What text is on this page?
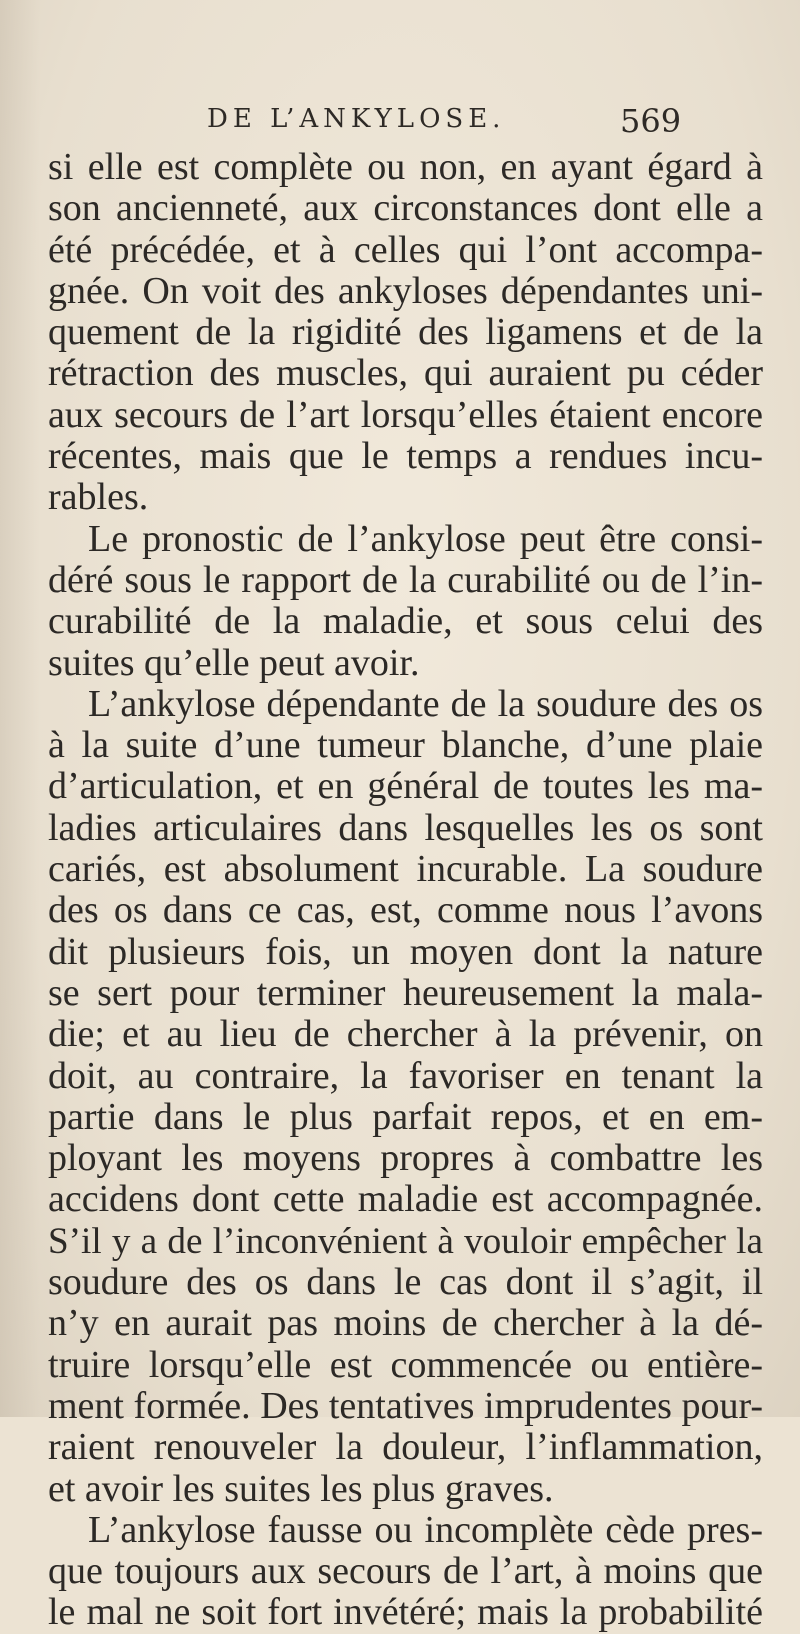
DE L’ANKYLOSE.	569
si elle est complète ou non, en ayant égard à
son ancienneté, aux circonstances dont elle a
été précédée, et à celles qui l’ont accompa-
gnée. On voit des ankyloses dépendantes uni-
quement de la rigidité des ligamens et de la
rétraction des muscles, qui auraient pu céder
aux secours de l’art lorsqu’elles étaient encore
récentes, mais que le temps a rendues incu-
rables.
Le pronostic de l’ankylose peut être consi-
déré sous le rapport de la curabilité ou de l’in-
curabilité de la maladie, et sous celui des
suites qu’elle peut avoir.
L’ankylose dépendante de la soudure des os
à la suite d’une tumeur blanche, d’une plaie
d’articulation, et en général de toutes les ma-
ladies articulaires dans lesquelles les os sont
cariés, est absolument incurable. La soudure
des os dans ce cas, est, comme nous l’avons
dit plusieurs fois, un moyen dont la nature
se sert pour terminer heureusement la mala-
die; et au lieu de chercher à la prévenir, on
doit, au contraire, la favoriser en tenant la
partie dans le plus parfait repos, et en em-
ployant les moyens propres à combattre les
accidens dont cette maladie est accompagnée.
S’il y a de l’inconvénient à vouloir empêcher la
soudure des os dans le cas dont il s’agit, il
n’y en aurait pas moins de chercher à la dé-
truire lorsqu’elle est commencée ou entière-
ment formée. Des tentatives imprudentes pour-
raient renouveler la douleur, l’inflammation,
et avoir les suites les plus graves.
L’ankylose fausse ou incomplète cède pres-
que toujours aux secours de l’art, à moins que
le mal ne soit fort invétéré; mais la probabilité
